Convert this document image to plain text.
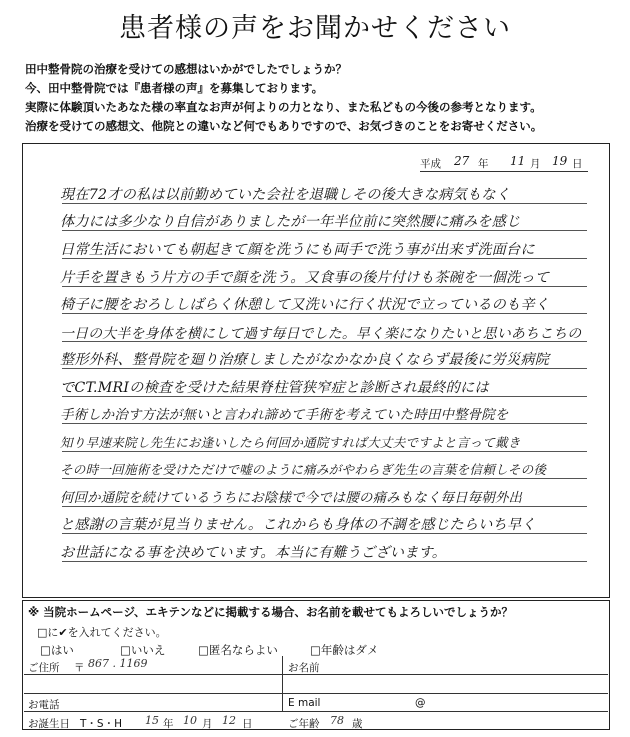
患者様の声をお聞かせください
田中整骨院の治療を受けての感想はいかがでしたでしょうか？
今、田中整骨院では『患者様の声』を募集しております。
実際に体験頂いたあなた様の率直なお声が何よりの力となり、また私どもの今後の参考となります。
治療を受けての感想文、他院との違いなど何でもありですので、お気づきのことをお寄せください。
平成 27 年 11 月 19 日
現在72才の私は以前勤めていた会社を退職しその後大きな病気もなく
体力には多少なり自信がありましたが一年半位前に突然腰に痛みを感じ
日常生活においても朝起きて顔を洗うにも両手で洗う事が出来ず洗面台に
片手を置きもう片方の手で顔を洗う。又食事の後片付けも茶碗を一個洗って
椅子に腰をおろししばらく休憩して又洗いに行く状況で立っているのも辛く
一日の大半を身体を横にして過す毎日でした。早く楽になりたいと思いあちこちの
整形外科、整骨院を廻り治療しましたがなかなか良くならず最後に労災病院
でCT.MRIの検査を受けた結果脊柱管狭窄症と診断され最終的には
手術しか治す方法が無いと言われ諦めて手術を考えていた時田中整骨院を
知り早速来院し先生にお逢いしたら何回か通院すれば大丈夫ですよと言って戴き
その時一回施術を受けただけで嘘のように痛みがやわらぎ先生の言葉を信頼しその後
何回か通院を続けているうちにお陰様で今では腰の痛みもなく毎日毎朝外出
と感謝の言葉が見当りません。これからも身体の不調を感じたらいち早く
お世話になる事を決めています。本当に有難うございます。
※ 当院ホームページ、エキテンなどに掲載する場合、お名前を載せてもよろしいでしょうか？
□に✔を入れてください。
□はい	□いいえ	□匿名ならよい	□年齢はダメ
ご住所 〒 867 . 1169	お名前
お電話	E mail	@
お誕生日 T・S・H 15 年 10 月 12 日	ご年齢 78 歳
